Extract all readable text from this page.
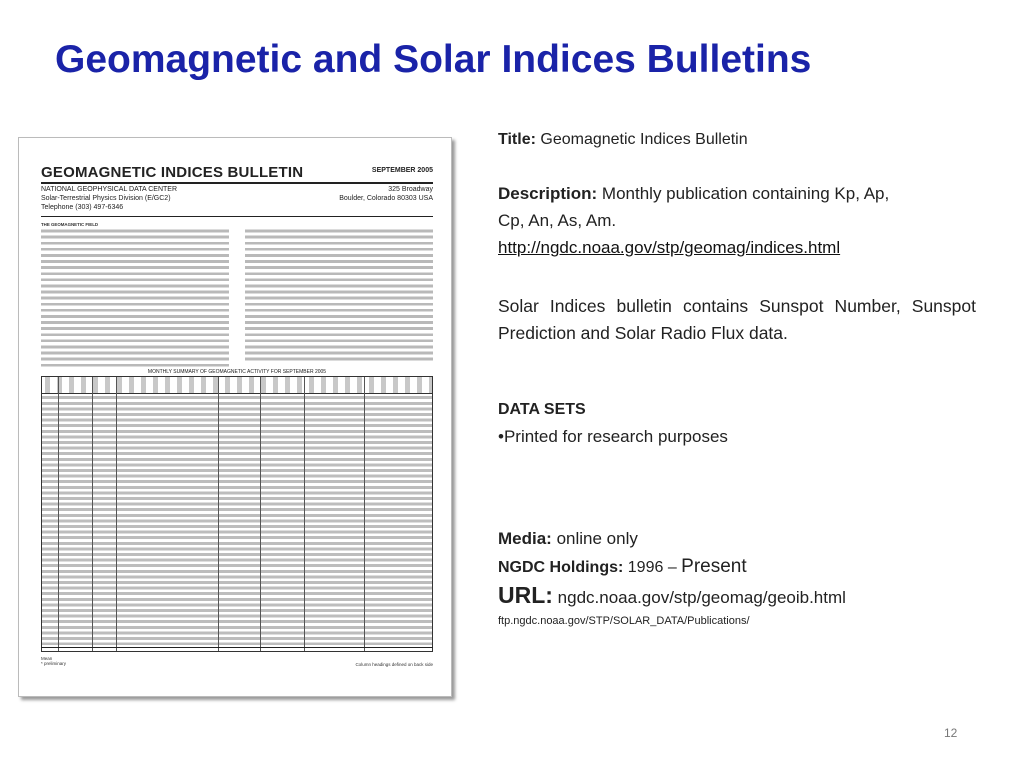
Geomagnetic and Solar Indices Bulletins
GEOMAGNETIC INDICES BULLETIN	SEPTEMBER 2005
NATIONAL GEOPHYSICAL DATA CENTER
Solar-Terrestrial Physics Division (E/GC2)
Telephone (303) 497-6346
325 Broadway
Boulder, Colorado 80303 USA
THE GEOMAGNETIC FIELD
MONTHLY SUMMARY OF GEOMAGNETIC ACTIVITY FOR SEPTEMBER 2005
Mean
* preliminary	Column headings defined on back side
Title: Geomagnetic Indices Bulletin
Description: Monthly publication containing Kp, Ap,
Cp, An, As, Am.
http://ngdc.noaa.gov/stp/geomag/indices.html
Solar Indices bulletin contains Sunspot Number, Sunspot Prediction and Solar Radio Flux data.
DATA SETS
•Printed for research purposes
Media: online only
NGDC Holdings: 1996 – Present
URL: ngdc.noaa.gov/stp/geomag/geoib.html
ftp.ngdc.noaa.gov/STP/SOLAR_DATA/Publications/
12
